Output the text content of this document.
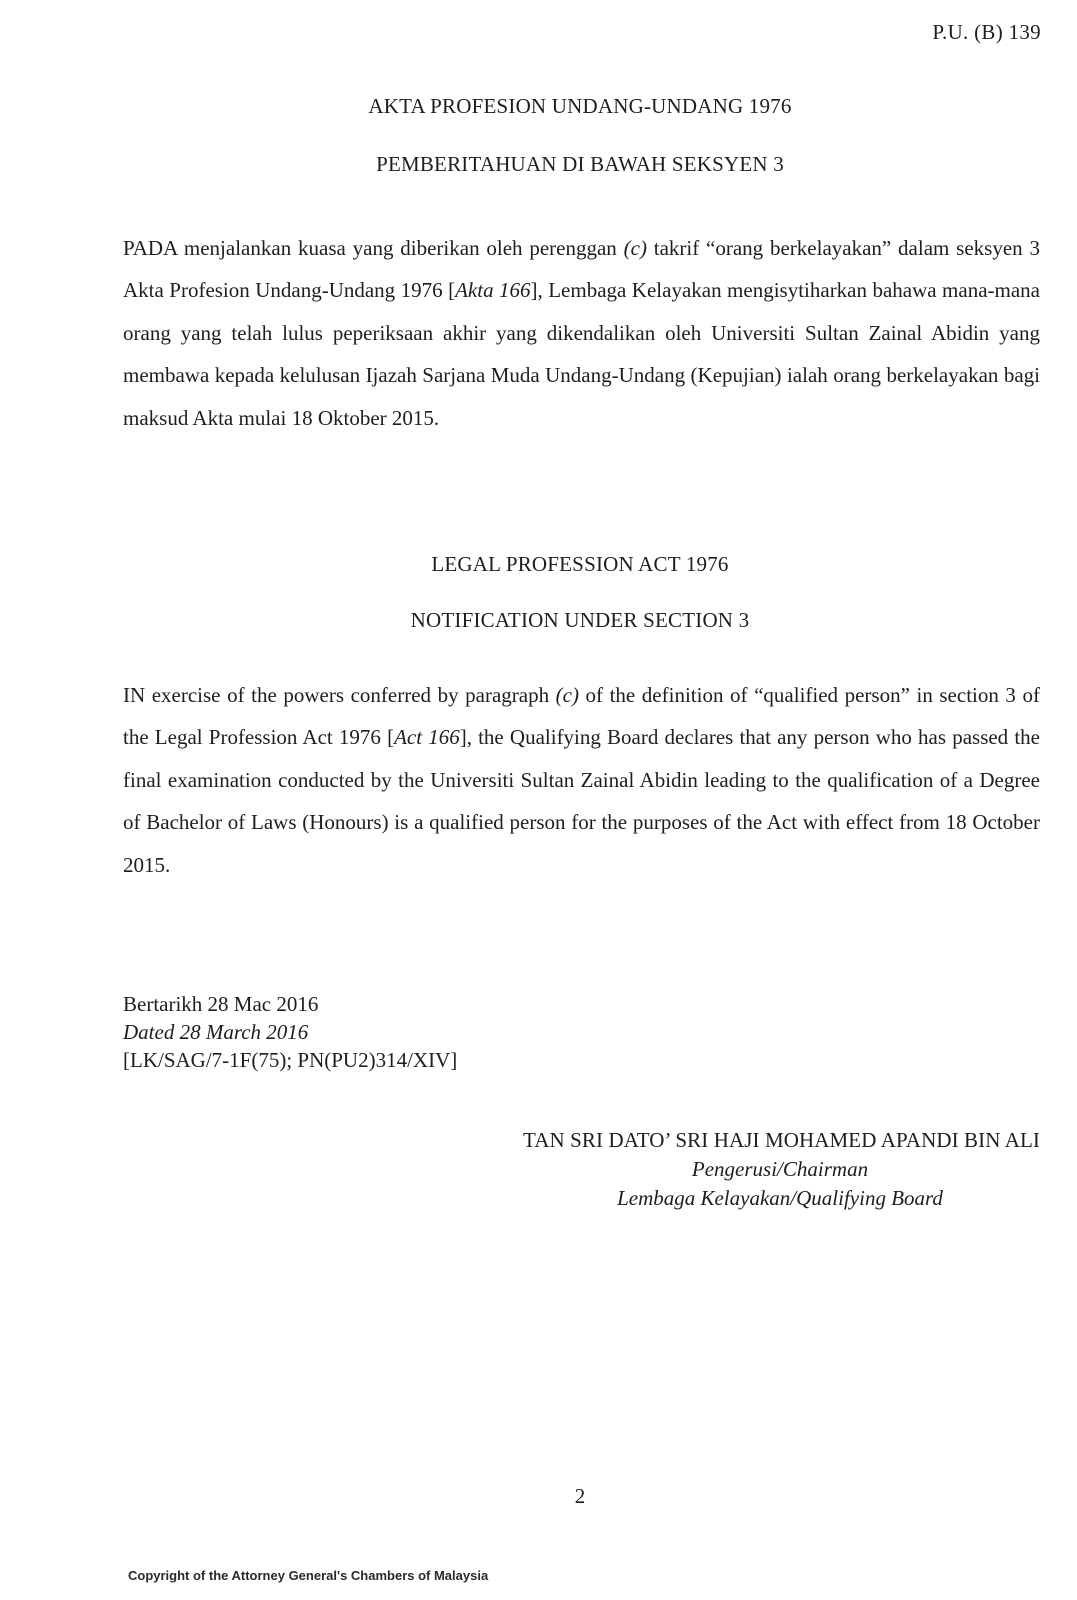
P.U. (B) 139
AKTA PROFESION UNDANG-UNDANG 1976
PEMBERITAHUAN DI BAWAH SEKSYEN 3

PADA menjalankan kuasa yang diberikan oleh perenggan (c) takrif “orang berkelayakan” dalam seksyen 3 Akta Profesion Undang-Undang 1976 [Akta 166], Lembaga Kelayakan mengisytiharkan bahawa mana-mana orang yang telah lulus peperiksaan akhir yang dikendalikan oleh Universiti Sultan Zainal Abidin yang membawa kepada kelulusan Ijazah Sarjana Muda Undang-Undang (Kepujian) ialah orang berkelayakan bagi maksud Akta mulai 18 Oktober 2015.

LEGAL PROFESSION ACT 1976
NOTIFICATION UNDER SECTION 3

IN exercise of the powers conferred by paragraph (c) of the definition of “qualified person” in section 3 of the Legal Profession Act 1976 [Act 166], the Qualifying Board declares that any person who has passed the final examination conducted by the Universiti Sultan Zainal Abidin leading to the qualification of a Degree of Bachelor of Laws (Honours) is a qualified person for the purposes of the Act with effect from 18 October 2015.

Bertarikh 28 Mac 2016
Dated 28 March 2016
[LK/SAG/7-1F(75); PN(PU2)314/XIV]
TAN SRI DATO’ SRI HAJI MOHAMED APANDI BIN ALI
Pengerusi/Chairman
Lembaga Kelayakan/Qualifying Board
2
Copyright of the Attorney General's Chambers of Malaysia
